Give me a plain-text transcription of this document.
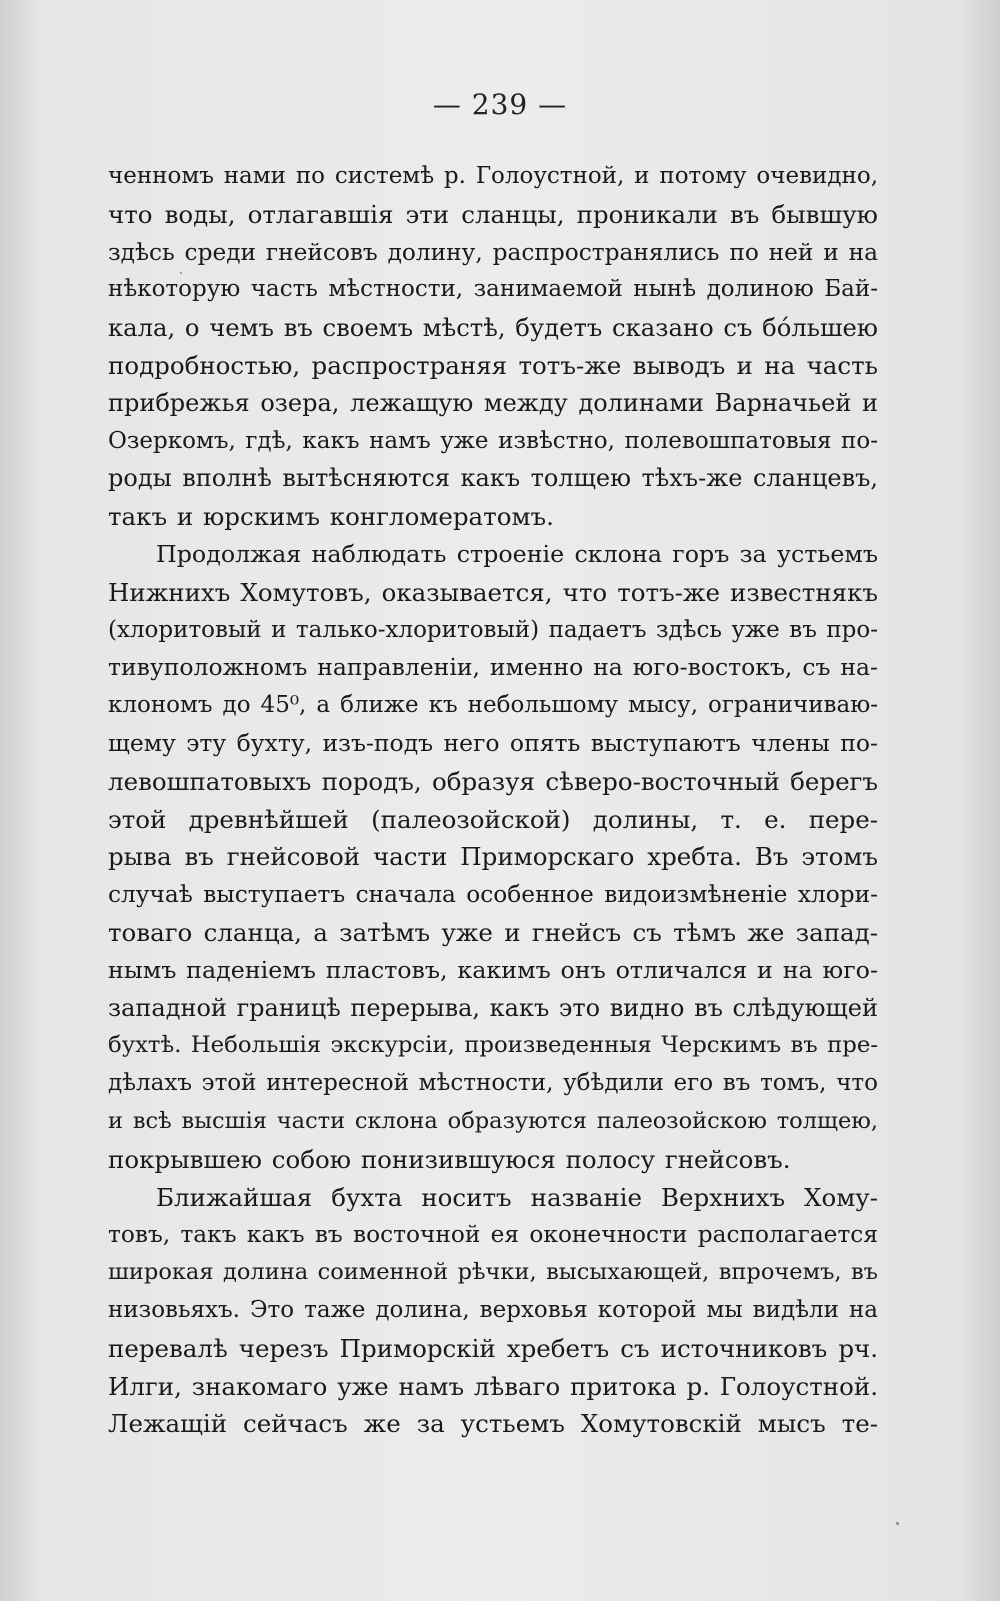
— 239 —
ченномъ нами по системѣ р. Голоустной, и потому очевидно,
что воды, отлагавшія эти сланцы, проникали въ бывшую
здѣсь среди гнейсовъ долину, распространялись по ней и на
нѣкоторую часть мѣстности, занимаемой нынѣ долиною Бай-
кала, о чемъ въ своемъ мѣстѣ, будетъ сказано съ бóльшею
подробностью, распространяя тотъ-же выводъ и на часть
прибрежья озера, лежащую между долинами Варначьей и
Озеркомъ, гдѣ, какъ намъ уже извѣстно, полевошпатовыя по-
роды вполнѣ вытѣсняются какъ толщею тѣхъ-же сланцевъ,
такъ и юрскимъ конгломератомъ.
Продолжая наблюдать строеніе склона горъ за устьемъ
Нижнихъ Хомутовъ, оказывается, что тотъ-же известнякъ
(хлоритовый и талько-хлоритовый) падаетъ здѣсь уже въ про-
тивуположномъ направленіи, именно на юго-востокъ, съ на-
клономъ до 45⁰, а ближе къ небольшому мысу, ограничиваю-
щему эту бухту, изъ-подъ него опять выступаютъ члены по-
левошпатовыхъ породъ, образуя сѣверо-восточный берегъ
этой древнѣйшей (палеозойской) долины, т. е. пере-
рыва въ гнейсовой части Приморскаго хребта. Въ этомъ
случаѣ выступаетъ сначала особенное видоизмѣненіе хлори-
товаго сланца, а затѣмъ уже и гнейсъ съ тѣмъ же запад-
нымъ паденіемъ пластовъ, какимъ онъ отличался и на юго-
западной границѣ перерыва, какъ это видно въ слѣдующей
бухтѣ. Небольшія экскурсіи, произведенныя Черскимъ въ пре-
дѣлахъ этой интересной мѣстности, убѣдили его въ томъ, что
и всѣ высшія части склона образуются палеозойскою толщею,
покрывшею собою понизившуюся полосу гнейсовъ.
Ближайшая бухта носитъ названіе Верхнихъ Хому-
товъ, такъ какъ въ восточной ея оконечности располагается
широкая долина соименной рѣчки, высыхающей, впрочемъ, въ
низовьяхъ. Это таже долина, верховья которой мы видѣли на
перевалѣ черезъ Приморскій хребетъ съ источниковъ рч.
Илги, знакомаго уже намъ лѣваго притока р. Голоустной.
Лежащій сейчасъ же за устьемъ Хомутовскій мысъ те-
